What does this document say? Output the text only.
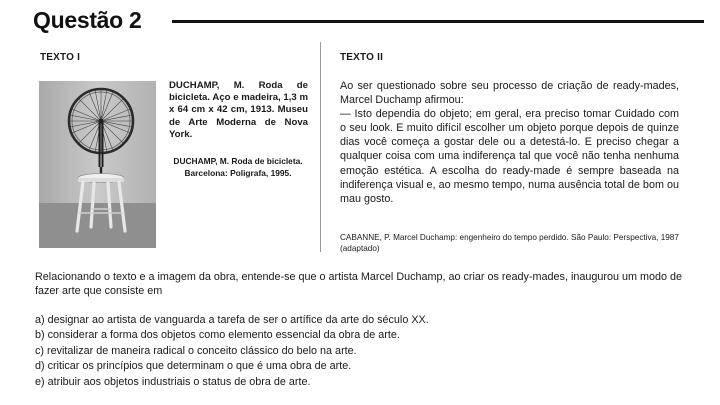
Questão 2
TEXTO I	TEXTO II
DUCHAMP, M. Roda de bicicleta. Aço e madeira, 1,3 m x 64 cm x 42 cm, 1913. Museu de Arte Moderna de Nova York.
DUCHAMP, M. Roda de bicicleta. Barcelona: Poligrafa, 1995.

Ao ser questionado sobre seu processo de criação de ready-mades, Marcel Duchamp afirmou:

— Isto dependia do objeto; em geral, era preciso tomar Cuidado com o seu look. E muito difícil escolher um objeto porque depois de quinze dias você começa a gostar dele ou a detestá-lo. E preciso chegar a qualquer coisa com uma indiferença tal que você não tenha nenhuma emoção estética. A escolha do ready-made é sempre baseada na indiferença visual e, ao mesmo tempo, numa ausência total de bom ou mau gosto.

CABANNE, P. Marcel Duchamp: engenheiro do tempo perdido. São Paulo: Perspectiva, 1987 (adaptado)
Relacionando o texto e a imagem da obra, entende-se que o artista Marcel Duchamp, ao criar os ready-mades, inaugurou um modo de fazer arte que consiste em
a) designar ao artista de vanguarda a tarefa de ser o artífice da arte do século XX.
b) considerar a forma dos objetos como elemento essencial da obra de arte.
c) revitalizar de maneira radical o conceito clássico do belo na arte.
d) criticar os princípios que determinam o que é uma obra de arte.
e) atribuir aos objetos industriais o status de obra de arte.
